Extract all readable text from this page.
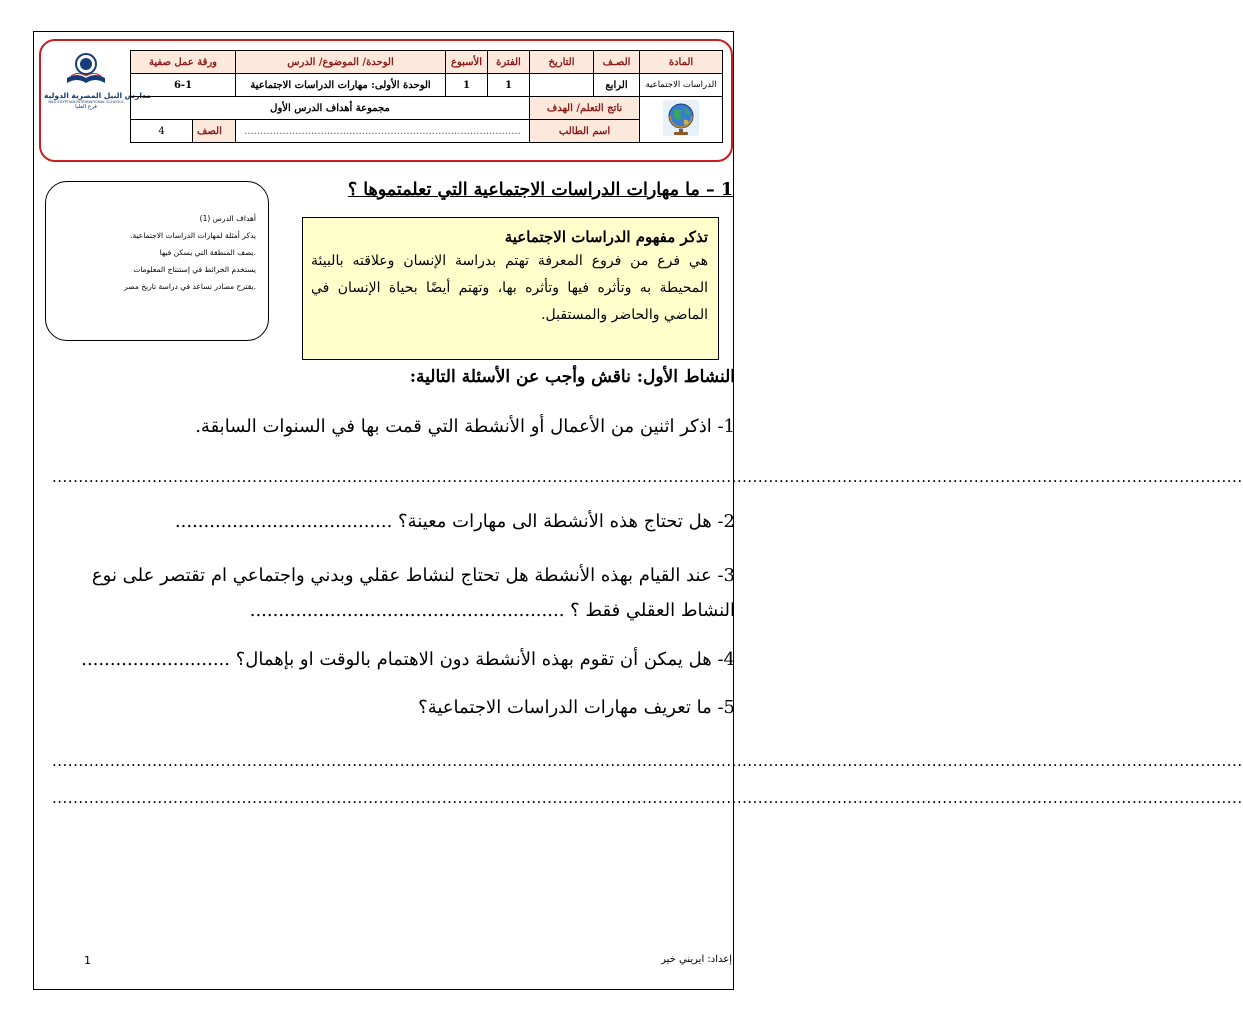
مدارس النيل المصرية الدولية
NILE EGYPTIAN INTERNATIONAL SCHOOLS
فرع العليا
المادة	الصـف	التاريخ	الفترة	الأسبوع	الوحدة/ الموضوع/ الدرس	ورقة عمل صفية	
الدراسات الاجتماعية	الرابع		1	1	الوحدة الأولى: مهارات الدراسات الاجتماعية	6-1	
	ناتج التعلم/ الهدف		مجموعة أهداف الدرس الأول				
	اسم الطالب		.......................................................................................			الصف	4
1 – ما مهارات الدراسات الاجتماعية التي تعلمتموها ؟
أهداف الدرس (1)
يذكر أمثلة لمهارات الدراسات الاجتماعية.
.يصف المنطقة التي يسكن فيها
يستخدم الخرائط في إستنتاج المعلومات
.يقترح مصادر تساعد في دراسة تاريخ مصر
تذكر مفهوم الدراسات الاجتماعية
هي فرع من فروع المعرفة تهتم بدراسة الإنسان وعلاقته بالبيئة المحيطة به وتأثره فيها وتأثره بها، وتهتم أيضًا بحياة الإنسان في الماضي والحاضر والمستقبل.
النشاط الأول: ناقش وأجب عن الأسئلة التالية:
1- اذكر اثنين من الأعمال أو الأنشطة التي قمت بها في السنوات السابقة.
..................................................................................................................................................................................................................................
2- هل تحتاج هذه الأنشطة الى مهارات معينة؟ ......................................
3- عند القيام بهذه الأنشطة هل تحتاج لنشاط عقلي وبدني واجتماعي ام تقتصر على نوع
النشاط العقلي فقط ؟ .......................................................
4- هل يمكن أن تقوم بهذه الأنشطة دون الاهتمام بالوقت او بإهمال؟ ..........................
5- ما تعريف مهارات الدراسات الاجتماعية؟
..................................................................................................................................................................................................................................
..................................................................................................................................................................................................................................
إعداد: ايريني خير
1
